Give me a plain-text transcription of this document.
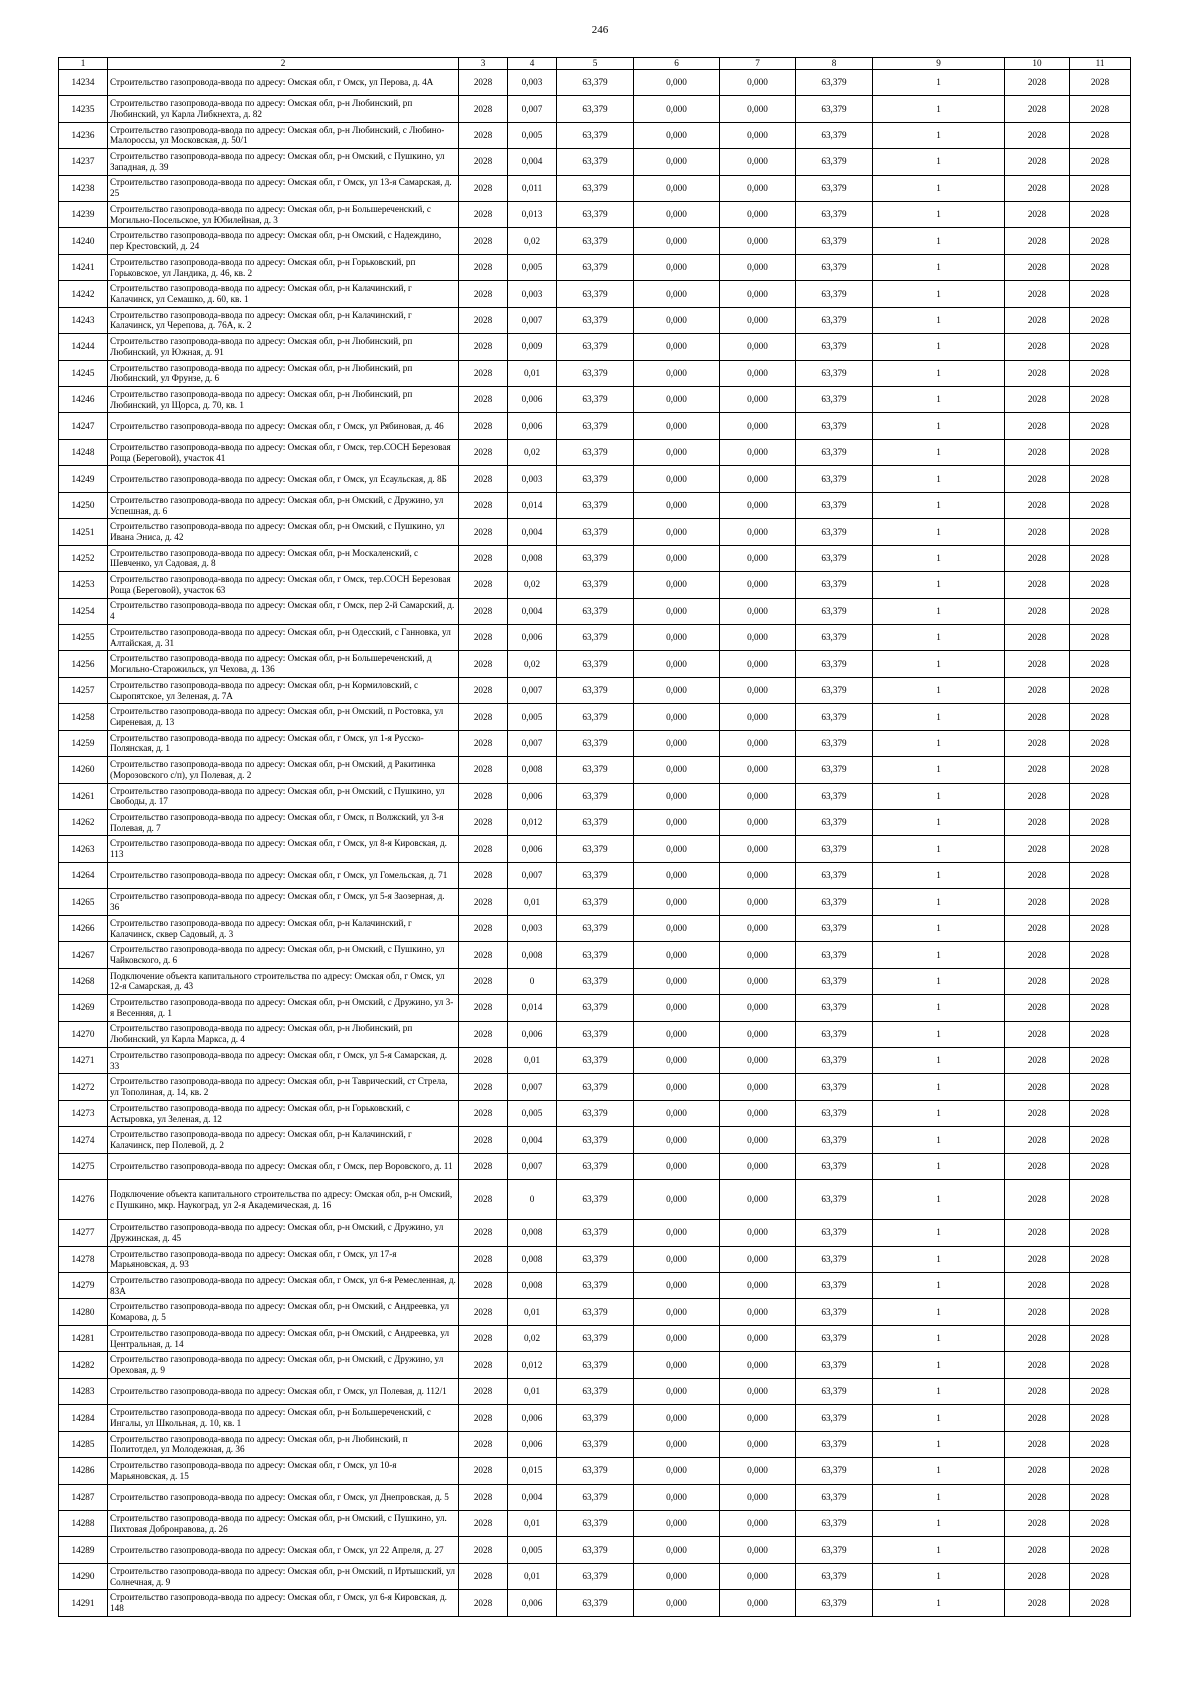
246
1	2	3	4	5	6	7	8	9	10	11
14234	Строительство газопровода-ввода по адресу: Омская обл, г Омск, ул Перова, д. 4А	2028	0,003	63,379	0,000	0,000	63,379	1	2028	2028
14235	Строительство газопровода-ввода по адресу: Омская обл, р-н Любинский, рп Любинский, ул Карла Либкнехта, д. 82	2028	0,007	63,379	0,000	0,000	63,379	1	2028	2028
14236	Строительство газопровода-ввода по адресу: Омская обл, р-н Любинский, с Любино-Малороссы, ул Московская, д. 50/1	2028	0,005	63,379	0,000	0,000	63,379	1	2028	2028
14237	Строительство газопровода-ввода по адресу: Омская обл, р-н Омский, с Пушкино, ул Западная, д. 39	2028	0,004	63,379	0,000	0,000	63,379	1	2028	2028
14238	Строительство газопровода-ввода по адресу: Омская обл, г Омск, ул 13-я Самарская, д. 25	2028	0,011	63,379	0,000	0,000	63,379	1	2028	2028
14239	Строительство газопровода-ввода по адресу: Омская обл, р-н Большереченский, с Могильно-Посельское, ул Юбилейная, д. 3	2028	0,013	63,379	0,000	0,000	63,379	1	2028	2028
14240	Строительство газопровода-ввода по адресу: Омская обл, р-н Омский, с Надеждино, пер Крестовский, д. 24	2028	0,02	63,379	0,000	0,000	63,379	1	2028	2028
14241	Строительство газопровода-ввода по адресу: Омская обл, р-н Горьковский, рп Горьковское, ул Ландика, д. 46, кв. 2	2028	0,005	63,379	0,000	0,000	63,379	1	2028	2028
14242	Строительство газопровода-ввода по адресу: Омская обл, р-н Калачинский, г Калачинск, ул Семашко, д. 60, кв. 1	2028	0,003	63,379	0,000	0,000	63,379	1	2028	2028
14243	Строительство газопровода-ввода по адресу: Омская обл, р-н Калачинский, г Калачинск, ул Черепова, д. 76А, к. 2	2028	0,007	63,379	0,000	0,000	63,379	1	2028	2028
14244	Строительство газопровода-ввода по адресу: Омская обл, р-н Любинский, рп Любинский, ул Южная, д. 91	2028	0,009	63,379	0,000	0,000	63,379	1	2028	2028
14245	Строительство газопровода-ввода по адресу: Омская обл, р-н Любинский, рп Любинский, ул Фрунзе, д. 6	2028	0,01	63,379	0,000	0,000	63,379	1	2028	2028
14246	Строительство газопровода-ввода по адресу: Омская обл, р-н Любинский, рп Любинский, ул Щорса, д. 70, кв. 1	2028	0,006	63,379	0,000	0,000	63,379	1	2028	2028
14247	Строительство газопровода-ввода по адресу: Омская обл, г Омск, ул Рябиновая, д. 46	2028	0,006	63,379	0,000	0,000	63,379	1	2028	2028
14248	Строительство газопровода-ввода по адресу: Омская обл, г Омск, тер.СОСН Березовая Роща (Береговой), участок 41	2028	0,02	63,379	0,000	0,000	63,379	1	2028	2028
14249	Строительство газопровода-ввода по адресу: Омская обл, г Омск, ул Есаульская, д. 8Б	2028	0,003	63,379	0,000	0,000	63,379	1	2028	2028
14250	Строительство газопровода-ввода по адресу: Омская обл, р-н Омский, с Дружино, ул Успешная, д. 6	2028	0,014	63,379	0,000	0,000	63,379	1	2028	2028
14251	Строительство газопровода-ввода по адресу: Омская обл, р-н Омский, с Пушкино, ул Ивана Эниса, д. 42	2028	0,004	63,379	0,000	0,000	63,379	1	2028	2028
14252	Строительство газопровода-ввода по адресу: Омская обл, р-н Москаленский, с Шевченко, ул Садовая, д. 8	2028	0,008	63,379	0,000	0,000	63,379	1	2028	2028
14253	Строительство газопровода-ввода по адресу: Омская обл, г Омск, тер.СОСН Березовая Роща (Береговой), участок 63	2028	0,02	63,379	0,000	0,000	63,379	1	2028	2028
14254	Строительство газопровода-ввода по адресу: Омская обл, г Омск, пер 2-й Самарский, д. 4	2028	0,004	63,379	0,000	0,000	63,379	1	2028	2028
14255	Строительство газопровода-ввода по адресу: Омская обл, р-н Одесский, с Ганновка, ул Алтайская, д. 31	2028	0,006	63,379	0,000	0,000	63,379	1	2028	2028
14256	Строительство газопровода-ввода по адресу: Омская обл, р-н Большереченский, д Могильно-Старожильск, ул Чехова, д. 136	2028	0,02	63,379	0,000	0,000	63,379	1	2028	2028
14257	Строительство газопровода-ввода по адресу: Омская обл, р-н Кормиловский, с Сыропятское, ул Зеленая, д. 7А	2028	0,007	63,379	0,000	0,000	63,379	1	2028	2028
14258	Строительство газопровода-ввода по адресу: Омская обл, р-н Омский, п Ростовка, ул Сиреневая, д. 13	2028	0,005	63,379	0,000	0,000	63,379	1	2028	2028
14259	Строительство газопровода-ввода по адресу: Омская обл, г Омск, ул 1-я Русско-Полянская, д. 1	2028	0,007	63,379	0,000	0,000	63,379	1	2028	2028
14260	Строительство газопровода-ввода по адресу: Омская обл, р-н Омский, д Ракитинка (Морозовского с/п), ул Полевая, д. 2	2028	0,008	63,379	0,000	0,000	63,379	1	2028	2028
14261	Строительство газопровода-ввода по адресу: Омская обл, р-н Омский, с Пушкино, ул Свободы, д. 17	2028	0,006	63,379	0,000	0,000	63,379	1	2028	2028
14262	Строительство газопровода-ввода по адресу: Омская обл, г Омск, п Волжский, ул 3-я Полевая, д. 7	2028	0,012	63,379	0,000	0,000	63,379	1	2028	2028
14263	Строительство газопровода-ввода по адресу: Омская обл, г Омск, ул 8-я Кировская, д. 113	2028	0,006	63,379	0,000	0,000	63,379	1	2028	2028
14264	Строительство газопровода-ввода по адресу: Омская обл, г Омск, ул Гомельская, д. 71	2028	0,007	63,379	0,000	0,000	63,379	1	2028	2028
14265	Строительство газопровода-ввода по адресу: Омская обл, г Омск, ул 5-я Заозерная, д. 36	2028	0,01	63,379	0,000	0,000	63,379	1	2028	2028
14266	Строительство газопровода-ввода по адресу: Омская обл, р-н Калачинский, г Калачинск, сквер Садовый, д. 3	2028	0,003	63,379	0,000	0,000	63,379	1	2028	2028
14267	Строительство газопровода-ввода по адресу: Омская обл, р-н Омский, с Пушкино, ул Чайковского, д. 6	2028	0,008	63,379	0,000	0,000	63,379	1	2028	2028
14268	Подключение объекта капитального строительства по адресу: Омская обл, г Омск, ул 12-я Самарская, д. 43	2028	0	63,379	0,000	0,000	63,379	1	2028	2028
14269	Строительство газопровода-ввода по адресу: Омская обл, р-н Омский, с Дружино, ул 3-я Весенняя, д. 1	2028	0,014	63,379	0,000	0,000	63,379	1	2028	2028
14270	Строительство газопровода-ввода по адресу: Омская обл, р-н Любинский, рп Любинский, ул Карла Маркса, д. 4	2028	0,006	63,379	0,000	0,000	63,379	1	2028	2028
14271	Строительство газопровода-ввода по адресу: Омская обл, г Омск, ул 5-я Самарская, д. 33	2028	0,01	63,379	0,000	0,000	63,379	1	2028	2028
14272	Строительство газопровода-ввода по адресу: Омская обл, р-н Таврический, ст Стрела, ул Тополиная, д. 14, кв. 2	2028	0,007	63,379	0,000	0,000	63,379	1	2028	2028
14273	Строительство газопровода-ввода по адресу: Омская обл, р-н Горьковский, с Астыровка, ул Зеленая, д. 12	2028	0,005	63,379	0,000	0,000	63,379	1	2028	2028
14274	Строительство газопровода-ввода по адресу: Омская обл, р-н Калачинский, г Калачинск, пер Полевой, д. 2	2028	0,004	63,379	0,000	0,000	63,379	1	2028	2028
14275	Строительство газопровода-ввода по адресу: Омская обл, г Омск, пер Воровского, д. 11	2028	0,007	63,379	0,000	0,000	63,379	1	2028	2028
14276	Подключение объекта капитального строительства по адресу: Омская обл, р-н Омский, с Пушкино, мкр. Наукоград, ул 2-я Академическая, д. 16	2028	0	63,379	0,000	0,000	63,379	1	2028	2028
14277	Строительство газопровода-ввода по адресу: Омская обл, р-н Омский, с Дружино, ул Дружинская, д. 45	2028	0,008	63,379	0,000	0,000	63,379	1	2028	2028
14278	Строительство газопровода-ввода по адресу: Омская обл, г Омск, ул 17-я Марьяновская, д. 93	2028	0,008	63,379	0,000	0,000	63,379	1	2028	2028
14279	Строительство газопровода-ввода по адресу: Омская обл, г Омск, ул 6-я Ремесленная, д. 83А	2028	0,008	63,379	0,000	0,000	63,379	1	2028	2028
14280	Строительство газопровода-ввода по адресу: Омская обл, р-н Омский, с Андреевка, ул Комарова, д. 5	2028	0,01	63,379	0,000	0,000	63,379	1	2028	2028
14281	Строительство газопровода-ввода по адресу: Омская обл, р-н Омский, с Андреевка, ул Центральная, д. 14	2028	0,02	63,379	0,000	0,000	63,379	1	2028	2028
14282	Строительство газопровода-ввода по адресу: Омская обл, р-н Омский, с Дружино, ул Ореховая, д. 9	2028	0,012	63,379	0,000	0,000	63,379	1	2028	2028
14283	Строительство газопровода-ввода по адресу: Омская обл, г Омск, ул Полевая, д. 112/1	2028	0,01	63,379	0,000	0,000	63,379	1	2028	2028
14284	Строительство газопровода-ввода по адресу: Омская обл, р-н Большереченский, с Ингалы, ул Школьная, д. 10, кв. 1	2028	0,006	63,379	0,000	0,000	63,379	1	2028	2028
14285	Строительство газопровода-ввода по адресу: Омская обл, р-н Любинский, п Политотдел, ул Молодежная, д. 36	2028	0,006	63,379	0,000	0,000	63,379	1	2028	2028
14286	Строительство газопровода-ввода по адресу: Омская обл, г Омск, ул 10-я Марьяновская, д. 15	2028	0,015	63,379	0,000	0,000	63,379	1	2028	2028
14287	Строительство газопровода-ввода по адресу: Омская обл, г Омск, ул Днепровская, д. 5	2028	0,004	63,379	0,000	0,000	63,379	1	2028	2028
14288	Строительство газопровода-ввода по адресу: Омская обл, р-н Омский, с Пушкино, ул. Пихтовая Добронравова, д. 26	2028	0,01	63,379	0,000	0,000	63,379	1	2028	2028
14289	Строительство газопровода-ввода по адресу: Омская обл, г Омск, ул 22 Апреля, д. 27	2028	0,005	63,379	0,000	0,000	63,379	1	2028	2028
14290	Строительство газопровода-ввода по адресу: Омская обл, р-н Омский, п Иртышский, ул Солнечная, д. 9	2028	0,01	63,379	0,000	0,000	63,379	1	2028	2028
14291	Строительство газопровода-ввода по адресу: Омская обл, г Омск, ул 6-я Кировская, д. 148	2028	0,006	63,379	0,000	0,000	63,379	1	2028	2028
